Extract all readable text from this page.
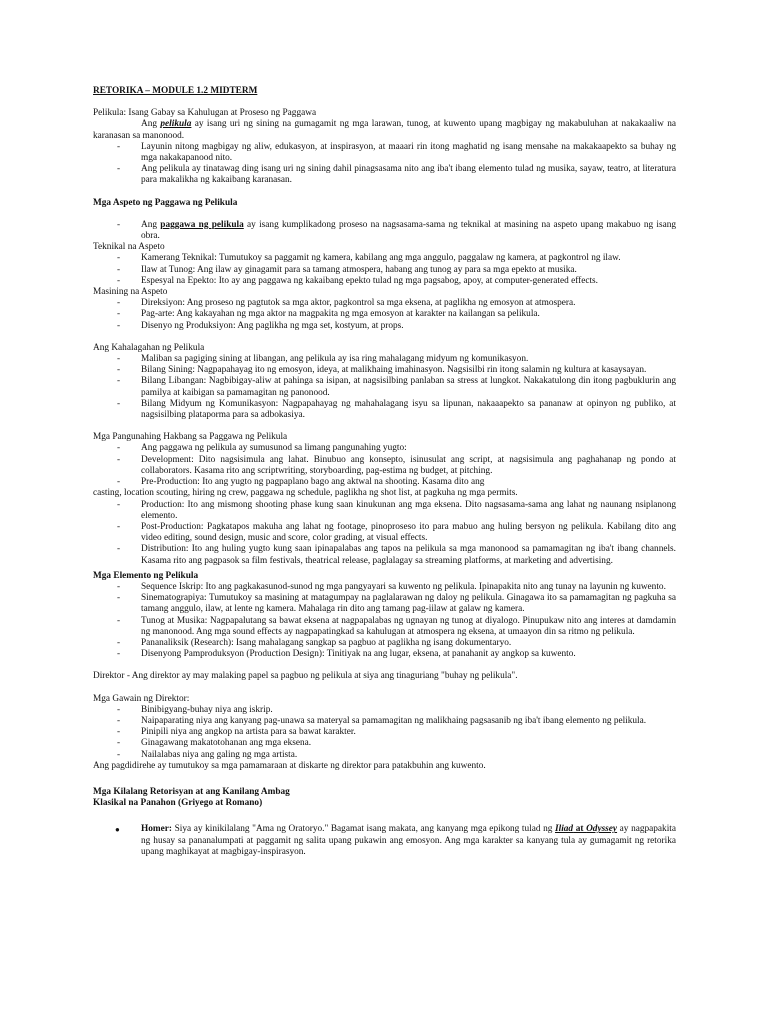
RETORIKA – MODULE 1.2 MIDTERM

Pelikula: Isang Gabay sa Kahulugan at Proseso ng Paggawa

Ang pelikula ay isang uri ng sining na gumagamit ng mga larawan, tunog, at kuwento upang magbigay ng makabuluhan at nakakaaliw na karanasan sa manonood.

- Layunin nitong magbigay ng aliw, edukasyon, at inspirasyon, at maaari rin itong maghatid ng isang mensahe na makakaapekto sa buhay ng mga nakakapanood nito.
- Ang pelikula ay tinatawag ding isang uri ng sining dahil pinagsasama nito ang iba't ibang elemento tulad ng musika, sayaw, teatro, at literatura para makalikha ng kakaibang karanasan.

Mga Aspeto ng Paggawa ng Pelikula

- Ang paggawa ng pelikula ay isang kumplikadong proseso na nagsasama-sama ng teknikal at masining na aspeto upang makabuo ng isang obra.

Teknikal na Aspeto

- Kamerang Teknikal: Tumutukoy sa paggamit ng kamera, kabilang ang mga anggulo, paggalaw ng kamera, at pagkontrol ng ilaw.
- Ilaw at Tunog: Ang ilaw ay ginagamit para sa tamang atmospera, habang ang tunog ay para sa mga epekto at musika.
- Espesyal na Epekto: Ito ay ang paggawa ng kakaibang epekto tulad ng mga pagsabog, apoy, at computer-generated effects.

Masining na Aspeto

- Direksiyon: Ang proseso ng pagtutok sa mga aktor, pagkontrol sa mga eksena, at paglikha ng emosyon at atmospera.
- Pag-arte: Ang kakayahan ng mga aktor na magpakita ng mga emosyon at karakter na kailangan sa pelikula.
- Disenyo ng Produksiyon: Ang paglikha ng mga set, kostyum, at props.

Ang Kahalagahan ng Pelikula

- Maliban sa pagiging sining at libangan, ang pelikula ay isa ring mahalagang midyum ng komunikasyon.
- Bilang Sining: Nagpapahayag ito ng emosyon, ideya, at malikhaing imahinasyon. Nagsisilbi rin itong salamin ng kultura at kasaysayan.
- Bilang Libangan: Nagbibigay-aliw at pahinga sa isipan, at nagsisilbing panlaban sa stress at lungkot. Nakakatulong din itong pagbuklurin ang pamilya at kaibigan sa pamamagitan ng panonood.
- Bilang Midyum ng Komunikasyon: Nagpapahayag ng mahahalagang isyu sa lipunan, nakaaapekto sa pananaw at opinyon ng publiko, at nagsisilbing plataporma para sa adbokasiya.

Mga Pangunahing Hakbang sa Paggawa ng Pelikula

- Ang paggawa ng pelikula ay sumusunod sa limang pangunahing yugto:
- Development: Dito nagsisimula ang lahat. Binubuo ang konsepto, isinusulat ang script, at nagsisimula ang paghahanap ng pondo at collaborators. Kasama rito ang scriptwriting, storyboarding, pag-estima ng budget, at pitching.
- Pre-Production: Ito ang yugto ng pagpaplano bago ang aktwal na shooting. Kasama dito ang

casting, location scouting, hiring ng crew, paggawa ng schedule, paglikha ng shot list, at pagkuha ng mga permits.

- Production: Ito ang mismong shooting phase kung saan kinukunan ang mga eksena. Dito nagsasama-sama ang lahat ng naunang nsiplanong elemento.
- Post-Production: Pagkatapos makuha ang lahat ng footage, pinoproseso ito para mabuo ang huling bersyon ng pelikula. Kabilang dito ang video editing, sound design, music and score, color grading, at visual effects.
- Distribution: Ito ang huling yugto kung saan ipinapalabas ang tapos na pelikula sa mga manonood sa pamamagitan ng iba't ibang channels. Kasama rito ang pagpasok sa film festivals, theatrical release, paglalagay sa streaming platforms, at marketing and advertising.

Mga Elemento ng Pelikula

- Sequence Iskrip: Ito ang pagkakasunod-sunod ng mga pangyayari sa kuwento ng pelikula. Ipinapakita nito ang tunay na layunin ng kuwento.
- Sinematograpiya: Tumutukoy sa masining at matagumpay na paglalarawan ng daloy ng pelikula. Ginagawa ito sa pamamagitan ng pagkuha sa tamang anggulo, ilaw, at lente ng kamera. Mahalaga rin dito ang tamang pag-iilaw at galaw ng kamera.
- Tunog at Musika: Nagpapalutang sa bawat eksena at nagpapalabas ng ugnayan ng tunog at diyalogo. Pinupukaw nito ang interes at damdamin ng manonood. Ang mga sound effects ay nagpapatingkad sa kahulugan at atmospera ng eksena, at umaayon din sa ritmo ng pelikula.
- Pananaliksik (Research): Isang mahalagang sangkap sa pagbuo at paglikha ng isang dokumentaryo.
- Disenyong Pamproduksyon (Production Design): Tinitiyak na ang lugar, eksena, at panahanit ay angkop sa kuwento.

Direktor - Ang direktor ay may malaking papel sa pagbuo ng pelikula at siya ang tinaguriang "buhay ng pelikula".

Mga Gawain ng Direktor:

- Binibigyang-buhay niya ang iskrip.
- Naipaparating niya ang kanyang pag-unawa sa materyal sa pamamagitan ng malikhaing pagsasanib ng iba't ibang elemento ng pelikula.
- Pinipili niya ang angkop na artista para sa bawat karakter.
- Ginagawang makatotohanan ang mga eksena.
- Nailalabas niya ang galing ng mga artista.

Ang pagdidirehe ay tumutukoy sa mga pamamaraan at diskarte ng direktor para patakbuhin ang kuwento.

Mga Kilalang Retorisyan at ang Kanilang Ambag

Klasikal na Panahon (Griyego at Romano)

● Homer: Siya ay kinikilalang "Ama ng Oratoryo." Bagamat isang makata, ang kanyang mga epikong tulad ng Iliad at Odyssey ay nagpapakita ng husay sa pananalumpati at paggamit ng salita upang pukawin ang emosyon. Ang mga karakter sa kanyang tula ay gumagamit ng retorika upang maghikayat at magbigay-inspirasyon.
